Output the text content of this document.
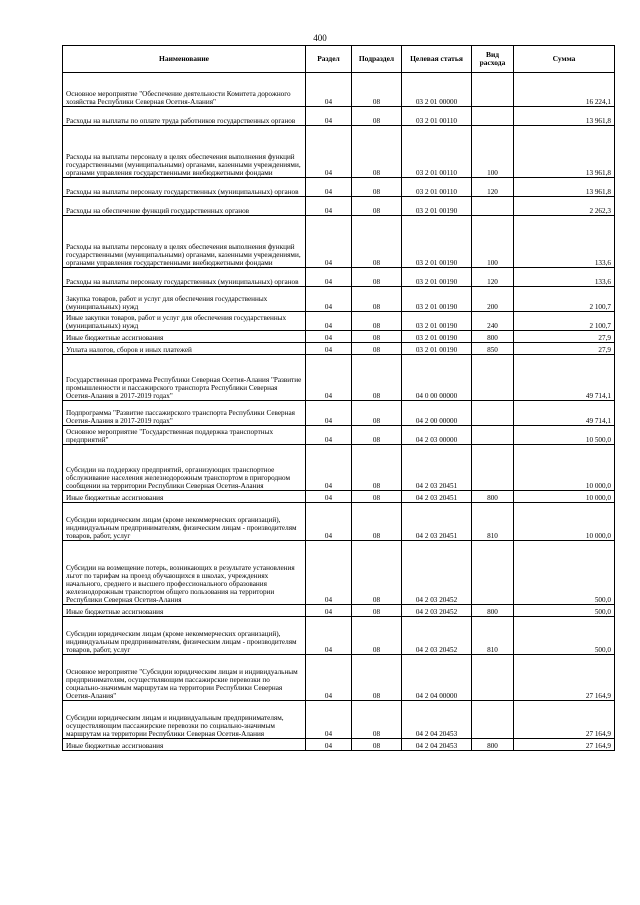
400
Наименование	Раздел	Подраздел	Целевая статья	Вид расхода	Сумма
Основное мероприятие "Обеспечение деятельности Комитета дорожного хозяйства Республики Северная Осетия-Алания"	04	08	03 2 01 00000		16 224,1
Расходы на выплаты по оплате труда работников государственных органов	04	08	03 2 01 00110		13 961,8
Расходы на выплаты персоналу в целях обеспечения выполнения функций государственными (муниципальными) органами, казенными учреждениями, органами управления государственными внебюджетными фондами	04	08	03 2 01 00110	100	13 961,8
Расходы на выплаты персоналу государственных (муниципальных) органов	04	08	03 2 01 00110	120	13 961,8
Расходы на обеспечение функций государственных органов	04	08	03 2 01 00190		2 262,3
Расходы на выплаты персоналу в целях обеспечения выполнения функций государственными (муниципальными) органами, казенными учреждениями, органами управления государственными внебюджетными фондами	04	08	03 2 01 00190	100	133,6
Расходы на выплаты персоналу государственных (муниципальных) органов	04	08	03 2 01 00190	120	133,6
Закупка товаров, работ и услуг для обеспечения государственных (муниципальных) нужд	04	08	03 2 01 00190	200	2 100,7
Иные закупки товаров, работ и услуг для обеспечения государственных (муниципальных) нужд	04	08	03 2 01 00190	240	2 100,7
Иные бюджетные ассигнования	04	08	03 2 01 00190	800	27,9
Уплата налогов, сборов и иных платежей	04	08	03 2 01 00190	850	27,9
Государственная программа Республики Северная Осетия-Алания "Развитие промышленности и пассажирского транспорта Республики Северная Осетия-Алания в 2017-2019 годах"	04	08	04 0 00 00000		49 714,1
Подпрограмма "Развитие пассажирского транспорта Республики Северная Осетия-Алания в 2017-2019 годах"	04	08	04 2 00 00000		49 714,1
Основное мероприятие "Государственная поддержка транспортных предприятий"	04	08	04 2 03 00000		10 500,0
Субсидии на поддержку предприятий, организующих транспортное обслуживание населения железнодорожным транспортом в пригородном сообщении на территории Республики Северная Осетия-Алания	04	08	04 2 03 20451		10 000,0
Иные бюджетные ассигнования	04	08	04 2 03 20451	800	10 000,0
Субсидии юридическим лицам (кроме некоммерческих организаций), индивидуальным предпринимателям, физическим лицам - производителям товаров, работ, услуг	04	08	04 2 03 20451	810	10 000,0
Субсидии на возмещение потерь, возникающих в результате установления льгот по тарифам на проезд обучающихся в школах, учреждениях начального, среднего и высшего профессионального образования железнодорожным транспортом общего пользования на территории Республики Северная Осетия-Алания	04	08	04 2 03 20452		500,0
Иные бюджетные ассигнования	04	08	04 2 03 20452	800	500,0
Субсидии юридическим лицам (кроме некоммерческих организаций), индивидуальным предпринимателям, физическим лицам - производителям товаров, работ, услуг	04	08	04 2 03 20452	810	500,0
Основное мероприятие "Субсидии юридическим лицам и индивидуальным предпринимателям, осуществляющим пассажирские перевозки по социально-значимым маршрутам на территории Республики Северная Осетия-Алания"	04	08	04 2 04 00000		27 164,9
Субсидии юридическим лицам и индивидуальным предпринимателям, осуществляющим пассажирские перевозки по социально-значимым маршрутам на территории Республики Северная Осетия-Алания	04	08	04 2 04 20453		27 164,9
Иные бюджетные ассигнования	04	08	04 2 04 20453	800	27 164,9
